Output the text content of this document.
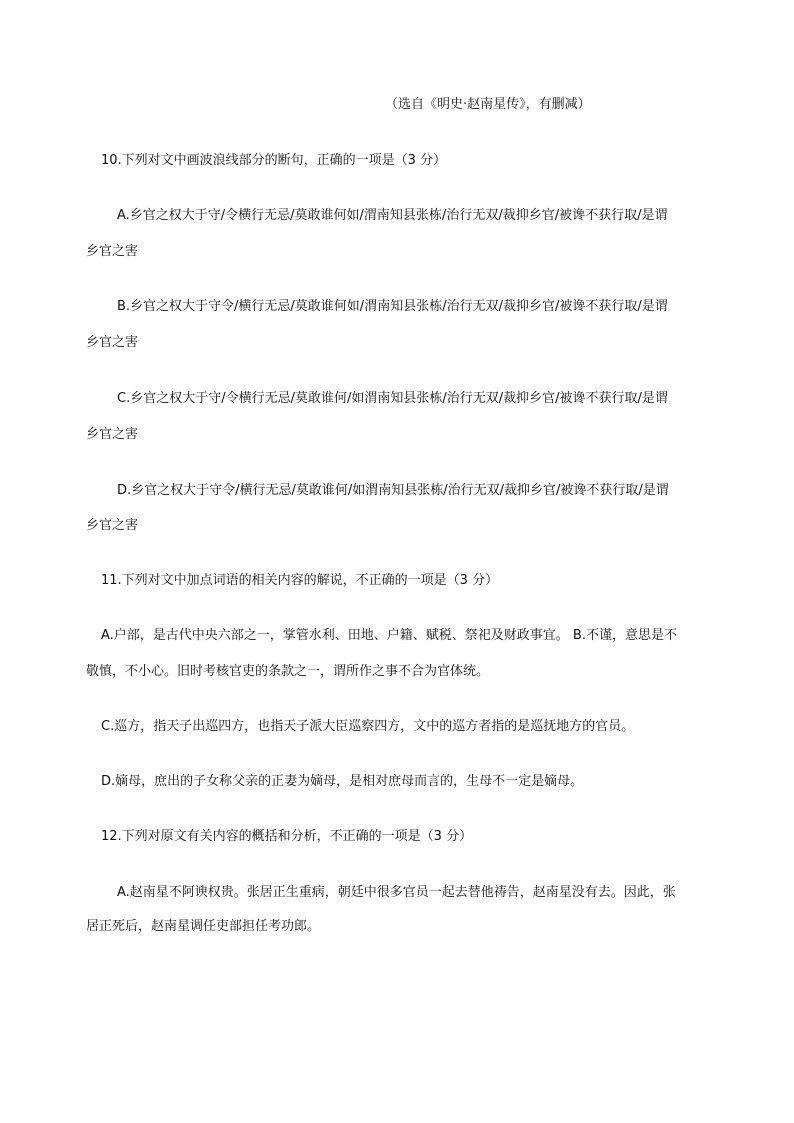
（选自《明史·赵南星传》，有删减）
10.下列对文中画波浪线部分的断句，正确的一项是（3 分）
A.乡官之权大于守/令横行无忌/莫敢谁何如/渭南知县张栋/治行无双/裁抑乡官/被谗不获行取/是谓
乡官之害
B.乡官之权大于守令/横行无忌/莫敢谁何如/渭南知县张栋/治行无双/裁抑乡官/被谗不获行取/是谓
乡官之害
C.乡官之权大于守/令横行无忌/莫敢谁何/如渭南知县张栋/治行无双/裁抑乡官/被谗不获行取/是谓
乡官之害
D.乡官之权大于守令/横行无忌/莫敢谁何/如渭南知县张栋/治行无双/裁抑乡官/被谗不获行取/是谓
乡官之害
11.下列对文中加点词语的相关内容的解说，不正确的一项是（3 分）
A.户部，是古代中央六部之一，掌管水利、田地、户籍、赋税、祭祀及财政事宜。 B.不谨，意思是不
敬慎，不小心。旧时考核官吏的条款之一，谓所作之事不合为官体统。
C.巡方，指天子出巡四方，也指天子派大臣巡察四方，文中的巡方者指的是巡抚地方的官员。
D.嫡母，庶出的子女称父亲的正妻为嫡母，是相对庶母而言的，生母不一定是嫡母。
12.下列对原文有关内容的概括和分析，不正确的一项是（3 分）
A.赵南星不阿谀权贵。张居正生重病，朝廷中很多官员一起去替他祷告，赵南星没有去。因此，张
居正死后，赵南星调任吏部担任考功郎。
